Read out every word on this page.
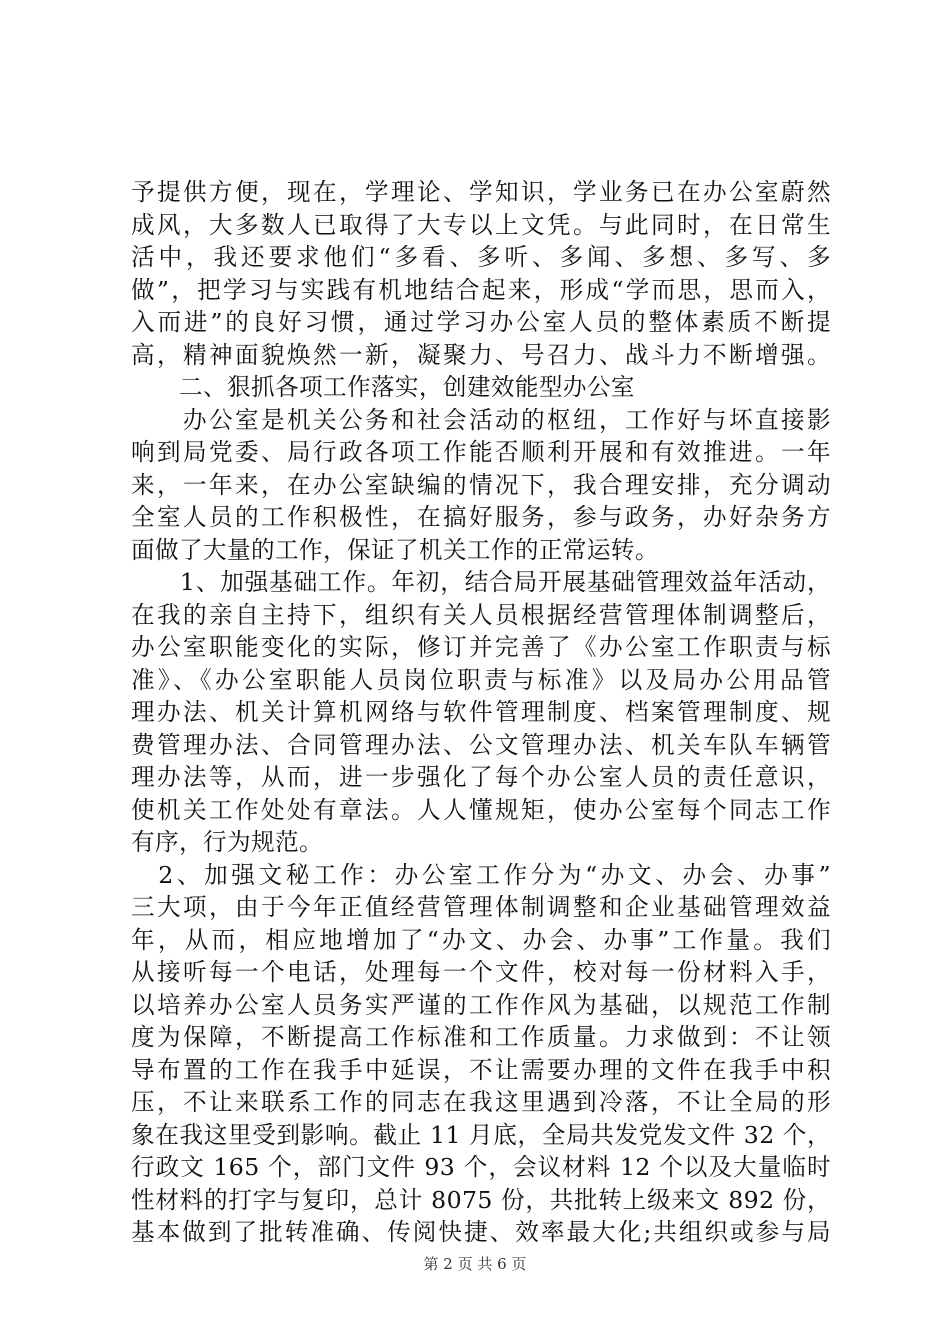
予提供方便，现在，学理论、学知识，学业务已在办公室蔚然
成风，大多数人已取得了大专以上文凭。与此同时，在日常生
活中，我还要求他们“多看、多听、多闻、多想、多写、多
做”，把学习与实践有机地结合起来，形成“学而思，思而入，
入而进”的良好习惯，通过学习办公室人员的整体素质不断提
高，精神面貌焕然一新，凝聚力、号召力、战斗力不断增强。
　　二、狠抓各项工作落实，创建效能型办公室
　　办公室是机关公务和社会活动的枢纽，工作好与坏直接影
响到局党委、局行政各项工作能否顺利开展和有效推进。一年
来，一年来，在办公室缺编的情况下，我合理安排，充分调动
全室人员的工作积极性，在搞好服务，参与政务，办好杂务方
面做了大量的工作，保证了机关工作的正常运转。
　　1、加强基础工作。年初，结合局开展基础管理效益年活动，
在我的亲自主持下，组织有关人员根据经营管理体制调整后，
办公室职能变化的实际，修订并完善了《办公室工作职责与标
准》、《办公室职能人员岗位职责与标准》以及局办公用品管
理办法、机关计算机网络与软件管理制度、档案管理制度、规
费管理办法、合同管理办法、公文管理办法、机关车队车辆管
理办法等，从而，进一步强化了每个办公室人员的责任意识，
使机关工作处处有章法。人人懂规矩，使办公室每个同志工作
有序，行为规范。
　2、加强文秘工作：办公室工作分为“办文、办会、办事”
三大项，由于今年正值经营管理体制调整和企业基础管理效益
年，从而，相应地增加了“办文、办会、办事”工作量。我们
从接听每一个电话，处理每一个文件，校对每一份材料入手，
以培养办公室人员务实严谨的工作作风为基础，以规范工作制
度为保障，不断提高工作标准和工作质量。力求做到：不让领
导布置的工作在我手中延误，不让需要办理的文件在我手中积
压，不让来联系工作的同志在我这里遇到冷落，不让全局的形
象在我这里受到影响。截止 11 月底，全局共发党发文件 32 个，
行政文 165 个，部门文件 93 个，会议材料 12 个以及大量临时
性材料的打字与复印，总计 8075 份，共批转上级来文 892 份，
基本做到了批转准确、传阅快捷、效率最大化;共组织或参与局
第 2 页 共 6 页
